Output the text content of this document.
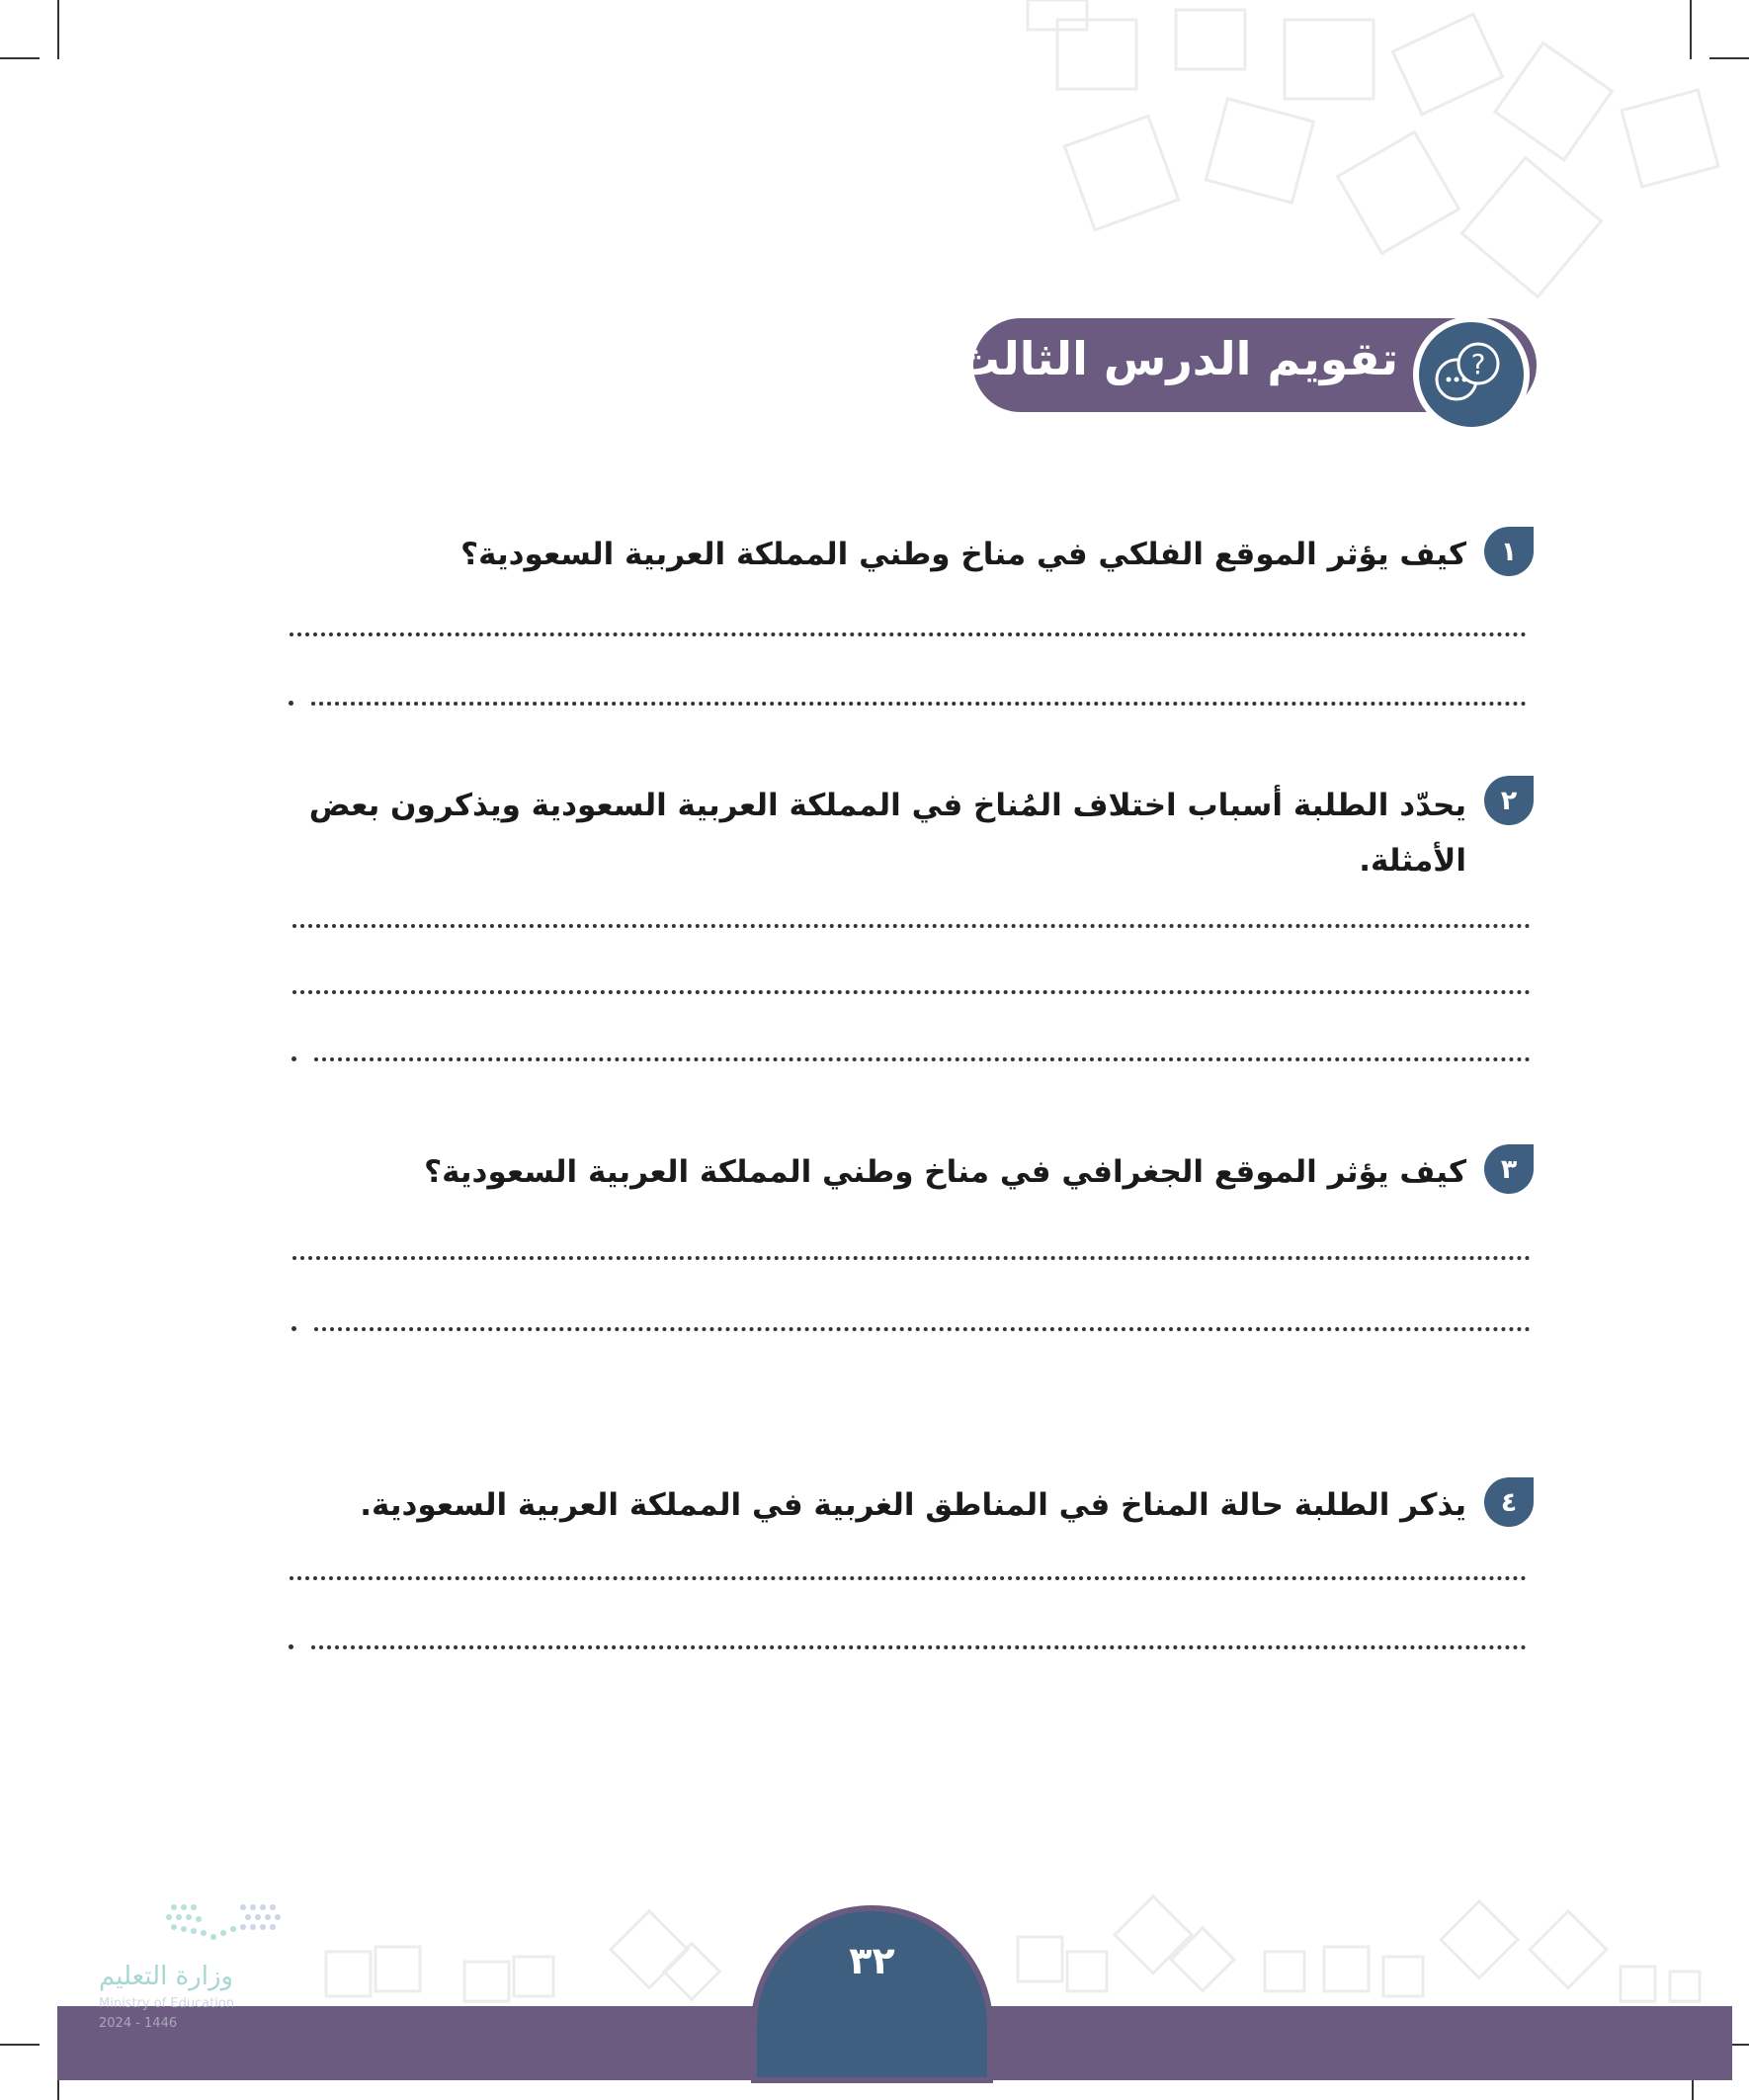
تقويم الدرس الثالث	?
١
كيف يؤثر الموقع الفلكي في مناخ وطني المملكة العربية السعودية؟
٢
يحدّد الطلبة أسباب اختلاف المُناخ في المملكة العربية السعودية ويذكرون بعض الأمثلة.
٣
كيف يؤثر الموقع الجغرافي في مناخ وطني المملكة العربية السعودية؟
٤
يذكر الطلبة حالة المناخ في المناطق الغربية في المملكة العربية السعودية.
٣٢
وزارة التعليم
Ministry of Education
2024 - 1446
